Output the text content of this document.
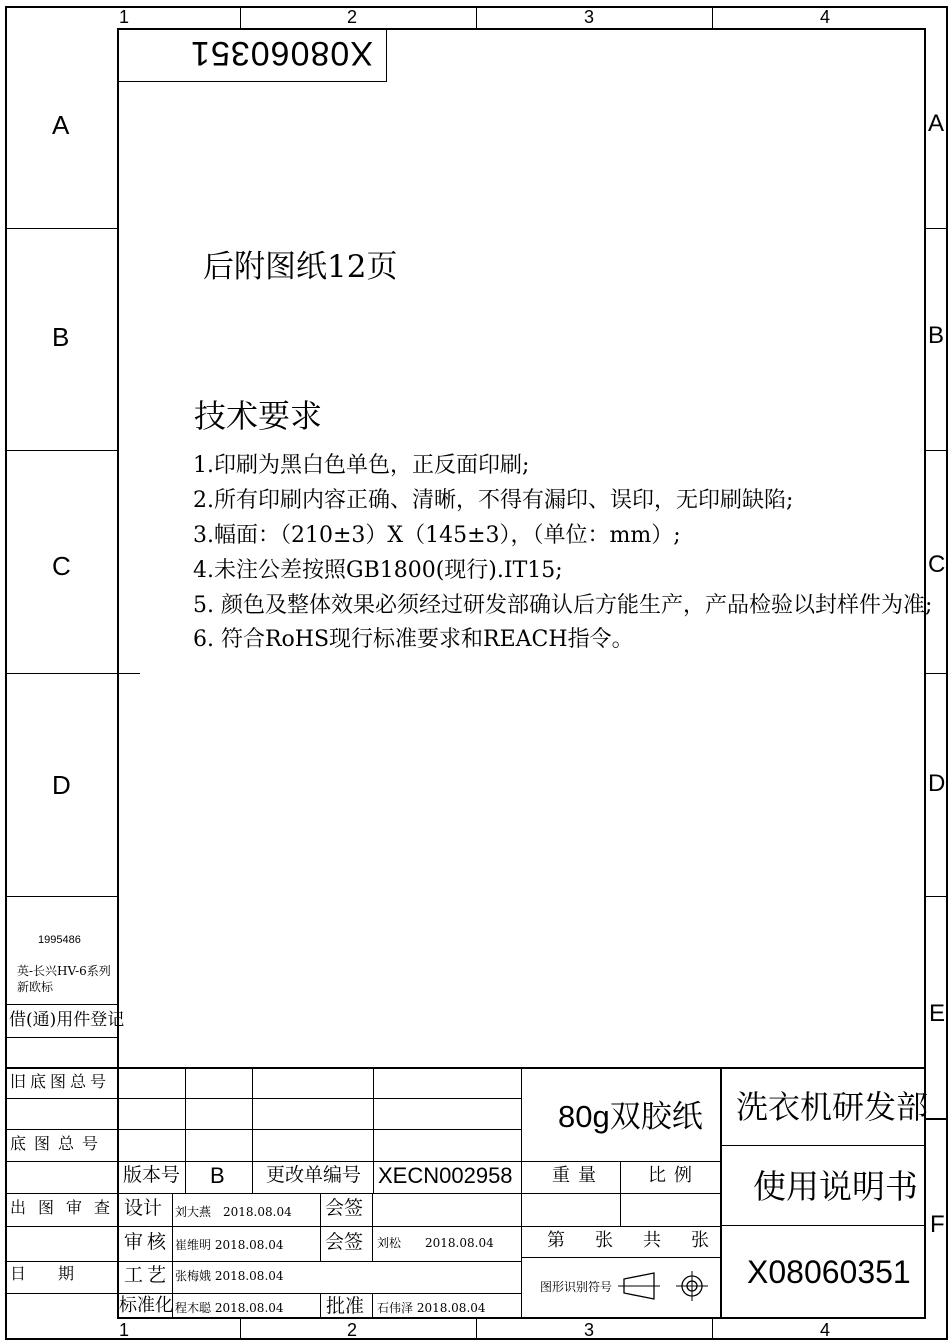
1	2	3	4
1	2	3	4
A
B
C
D
A
B
C
D
E
F
X08060351
后附图纸12页
技术要求
1.印刷为黑白色单色，正反面印刷;
2.所有印刷内容正确、清晰，不得有漏印、误印，无印刷缺陷;
3.幅面：（210±3）X（145±3），（单位：mm）;
4.未注公差按照GB1800(现行).IT15;
5. 颜色及整体效果必须经过研发部确认后方能生产，产品检验以封样件为准;
6. 符合RoHS现行标准要求和REACH指令。
1995486
英-长兴HV-6系列
新欧标
借(通)用件登记
旧底图总号
底图总号
出图审查
日　　期
版本号 B 更改单编号 XECN002958
设计 刘大燕　2018.08.04 会签
审核 崔维明 2018.08.04 会签 刘松　　2018.08.04
工艺 张梅娥 2018.08.04
标准化 程木聪 2018.08.04 批准 石伟泽 2018.08.04
80g双胶纸
重量 比例
第　张　共　张
图形识别符号
洗衣机研发部
使用说明书
X08060351
